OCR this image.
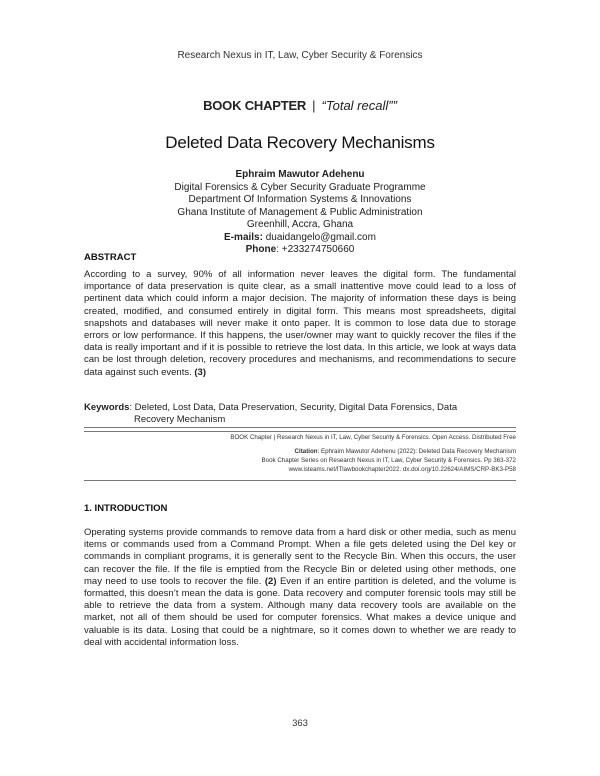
Research Nexus in IT, Law, Cyber Security & Forensics
BOOK CHAPTER | “Total recall””
Deleted Data Recovery Mechanisms
Ephraim Mawutor Adehenu
Digital Forensics & Cyber Security Graduate Programme
Department Of Information Systems & Innovations
Ghana Institute of Management & Public Administration
Greenhill, Accra, Ghana
E-mails: duaidangelo@gmail.com
Phone: +233274750660
ABSTRACT
According to a survey, 90% of all information never leaves the digital form. The fundamental importance of data preservation is quite clear, as a small inattentive move could lead to a loss of pertinent data which could inform a major decision. The majority of information these days is being created, modified, and consumed entirely in digital form. This means most spreadsheets, digital snapshots and databases will never make it onto paper. It is common to lose data due to storage errors or low performance. If this happens, the user/owner may want to quickly recover the files if the data is really important and if it is possible to retrieve the lost data. In this article, we look at ways data can be lost through deletion, recovery procedures and mechanisms, and recommendations to secure data against such events. (3)
Keywords: Deleted, Lost Data, Data Preservation, Security, Digital Data Forensics, Data
Recovery Mechanism
BOOK Chapter | Research Nexus in IT, Law, Cyber Security & Forensics. Open Access. Distributed Free
Citation: Ephraim Mawutor Adehenu (2022): Deleted Data Recovery Mechanism
Book Chapter Series on Research Nexus in IT, Law, Cyber Security & Forensics. Pp 363-372
www.isteams.net/ITlawbookchapter2022. dx.doi.org/10.22624/AIMS/CRP-BK3-P58
1. INTRODUCTION
Operating systems provide commands to remove data from a hard disk or other media, such as menu items or commands used from a Command Prompt. When a file gets deleted using the Del key or commands in compliant programs, it is generally sent to the Recycle Bin. When this occurs, the user can recover the file. If the file is emptied from the Recycle Bin or deleted using other methods, one may need to use tools to recover the file. (2) Even if an entire partition is deleted, and the volume is formatted, this doesn’t mean the data is gone. Data recovery and computer forensic tools may still be able to retrieve the data from a system. Although many data recovery tools are available on the market, not all of them should be used for computer forensics. What makes a device unique and valuable is its data. Losing that could be a nightmare, so it comes down to whether we are ready to deal with accidental information loss.
363
